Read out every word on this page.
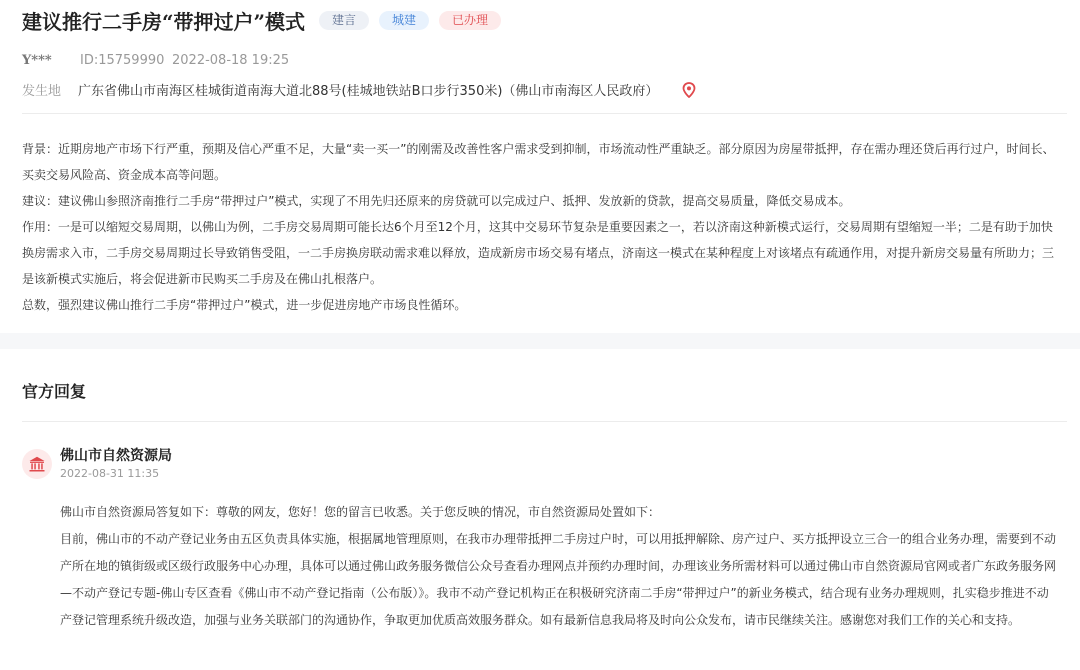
建议推行二手房“带押过户”模式	建言	城建	已办理
Y***	ID:15759990 2022-08-18 19:25
发生地	广东省佛山市南海区桂城街道南海大道北88号(桂城地铁站B口步行350米)（佛山市南海区人民政府）

背景：近期房地产市场下行严重，预期及信心严重不足，大量“卖一买一”的刚需及改善性客户需求受到抑制，市场流动性严重缺乏。部分原因为房屋带抵押，存在需办理还贷后再行过户，时间长、买卖交易风险高、资金成本高等问题。

建议：建议佛山参照济南推行二手房“带押过户”模式，实现了不用先归还原来的房贷就可以完成过户、抵押、发放新的贷款，提高交易质量，降低交易成本。

作用：一是可以缩短交易周期，以佛山为例，二手房交易周期可能长达6个月至12个月，这其中交易环节复杂是重要因素之一，若以济南这种新模式运行，交易周期有望缩短一半；二是有助于加快换房需求入市，二手房交易周期过长导致销售受阻，一二手房换房联动需求难以释放，造成新房市场交易有堵点，济南这一模式在某种程度上对该堵点有疏通作用，对提升新房交易量有所助力；三是该新模式实施后，将会促进新市民购买二手房及在佛山扎根落户。

总数，强烈建议佛山推行二手房“带押过户”模式，进一步促进房地产市场良性循环。

官方回复
佛山市自然资源局
2022-08-31 11:35

佛山市自然资源局答复如下：尊敬的网友，您好！您的留言已收悉。关于您反映的情况，市自然资源局处置如下：

目前，佛山市的不动产登记业务由五区负责具体实施，根据属地管理原则，在我市办理带抵押二手房过户时，可以用抵押解除、房产过户、买方抵押设立三合一的组合业务办理，需要到不动产所在地的镇街级或区级行政服务中心办理，具体可以通过佛山政务服务微信公众号查看办理网点并预约办理时间，办理该业务所需材料可以通过佛山市自然资源局官网或者广东政务服务网—不动产登记专题-佛山专区查看《佛山市不动产登记指南（公布版）》。我市不动产登记机构正在积极研究济南二手房“带押过户”的新业务模式，结合现有业务办理规则，扎实稳步推进不动产登记管理系统升级改造，加强与业务关联部门的沟通协作，争取更加优质高效服务群众。如有最新信息我局将及时向公众发布，请市民继续关注。感谢您对我们工作的关心和支持。
